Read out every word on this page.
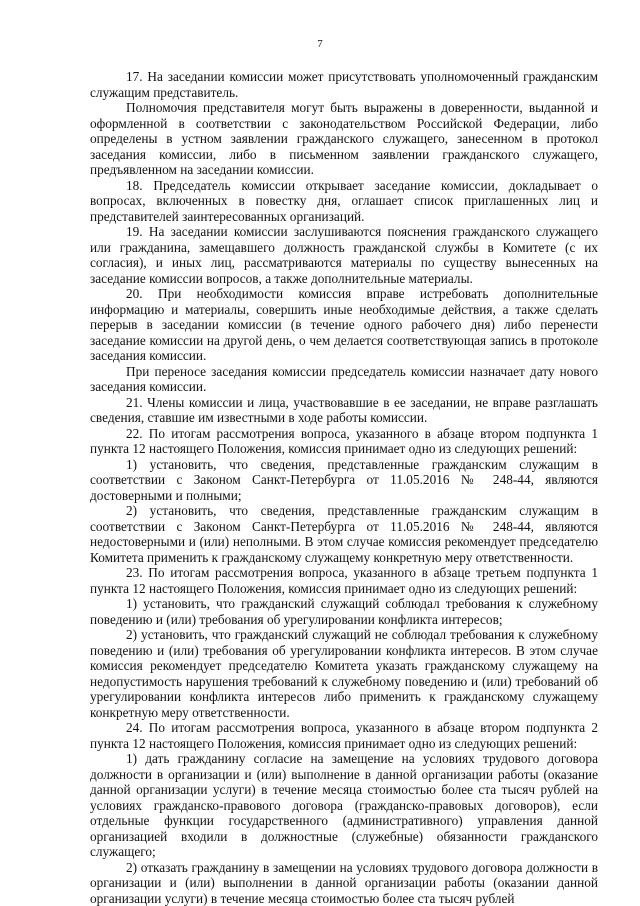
7

17. На заседании комиссии может присутствовать уполномоченный гражданским служащим представитель.

Полномочия представителя могут быть выражены в доверенности, выданной и оформленной в соответствии с законодательством Российской Федерации, либо определены в устном заявлении гражданского служащего, занесенном в протокол заседания комиссии, либо в письменном заявлении гражданского служащего, предъявленном на заседании комиссии.

18. Председатель комиссии открывает заседание комиссии, докладывает о вопросах, включенных в повестку дня, оглашает список приглашенных лиц и представителей заинтересованных организаций.

19. На заседании комиссии заслушиваются пояснения гражданского служащего или гражданина, замещавшего должность гражданской службы в Комитете (с их согласия), и иных лиц, рассматриваются материалы по существу вынесенных на заседание комиссии вопросов, а также дополнительные материалы.

20. При необходимости комиссия вправе истребовать дополнительные информацию и материалы, совершить иные необходимые действия, а также сделать перерыв в заседании комиссии (в течение одного рабочего дня) либо перенести заседание комиссии на другой день, о чем делается соответствующая запись в протоколе заседания комиссии.

При переносе заседания комиссии председатель комиссии назначает дату нового заседания комиссии.

21. Члены комиссии и лица, участвовавшие в ее заседании, не вправе разглашать сведения, ставшие им известными в ходе работы комиссии.

22. По итогам рассмотрения вопроса, указанного в абзаце втором подпункта 1 пункта 12 настоящего Положения, комиссия принимает одно из следующих решений:

1) установить, что сведения, представленные гражданским служащим в соответствии с Законом Санкт-Петербурга от 11.05.2016 № 248-44, являются достоверными и полными;

2) установить, что сведения, представленные гражданским служащим в соответствии с Законом Санкт-Петербурга от 11.05.2016 № 248-44, являются недостоверными и (или) неполными. В этом случае комиссия рекомендует председателю Комитета применить к гражданскому служащему конкретную меру ответственности.

23. По итогам рассмотрения вопроса, указанного в абзаце третьем подпункта 1 пункта 12 настоящего Положения, комиссия принимает одно из следующих решений:

1) установить, что гражданский служащий соблюдал требования к служебному поведению и (или) требования об урегулировании конфликта интересов;

2) установить, что гражданский служащий не соблюдал требования к служебному поведению и (или) требования об урегулировании конфликта интересов. В этом случае комиссия рекомендует председателю Комитета указать гражданскому служащему на недопустимость нарушения требований к служебному поведению и (или) требований об урегулировании конфликта интересов либо применить к гражданскому служащему конкретную меру ответственности.

24. По итогам рассмотрения вопроса, указанного в абзаце втором подпункта 2 пункта 12 настоящего Положения, комиссия принимает одно из следующих решений:

1) дать гражданину согласие на замещение на условиях трудового договора должности в организации и (или) выполнение в данной организации работы (оказание данной организации услуги) в течение месяца стоимостью более ста тысяч рублей на условиях гражданско-правового договора (гражданско-правовых договоров), если отдельные функции государственного (административного) управления данной организацией входили в должностные (служебные) обязанности гражданского служащего;

2) отказать гражданину в замещении на условиях трудового договора должности в организации и (или) выполнении в данной организации работы (оказании данной организации услуги) в течение месяца стоимостью более ста тысяч рублей
